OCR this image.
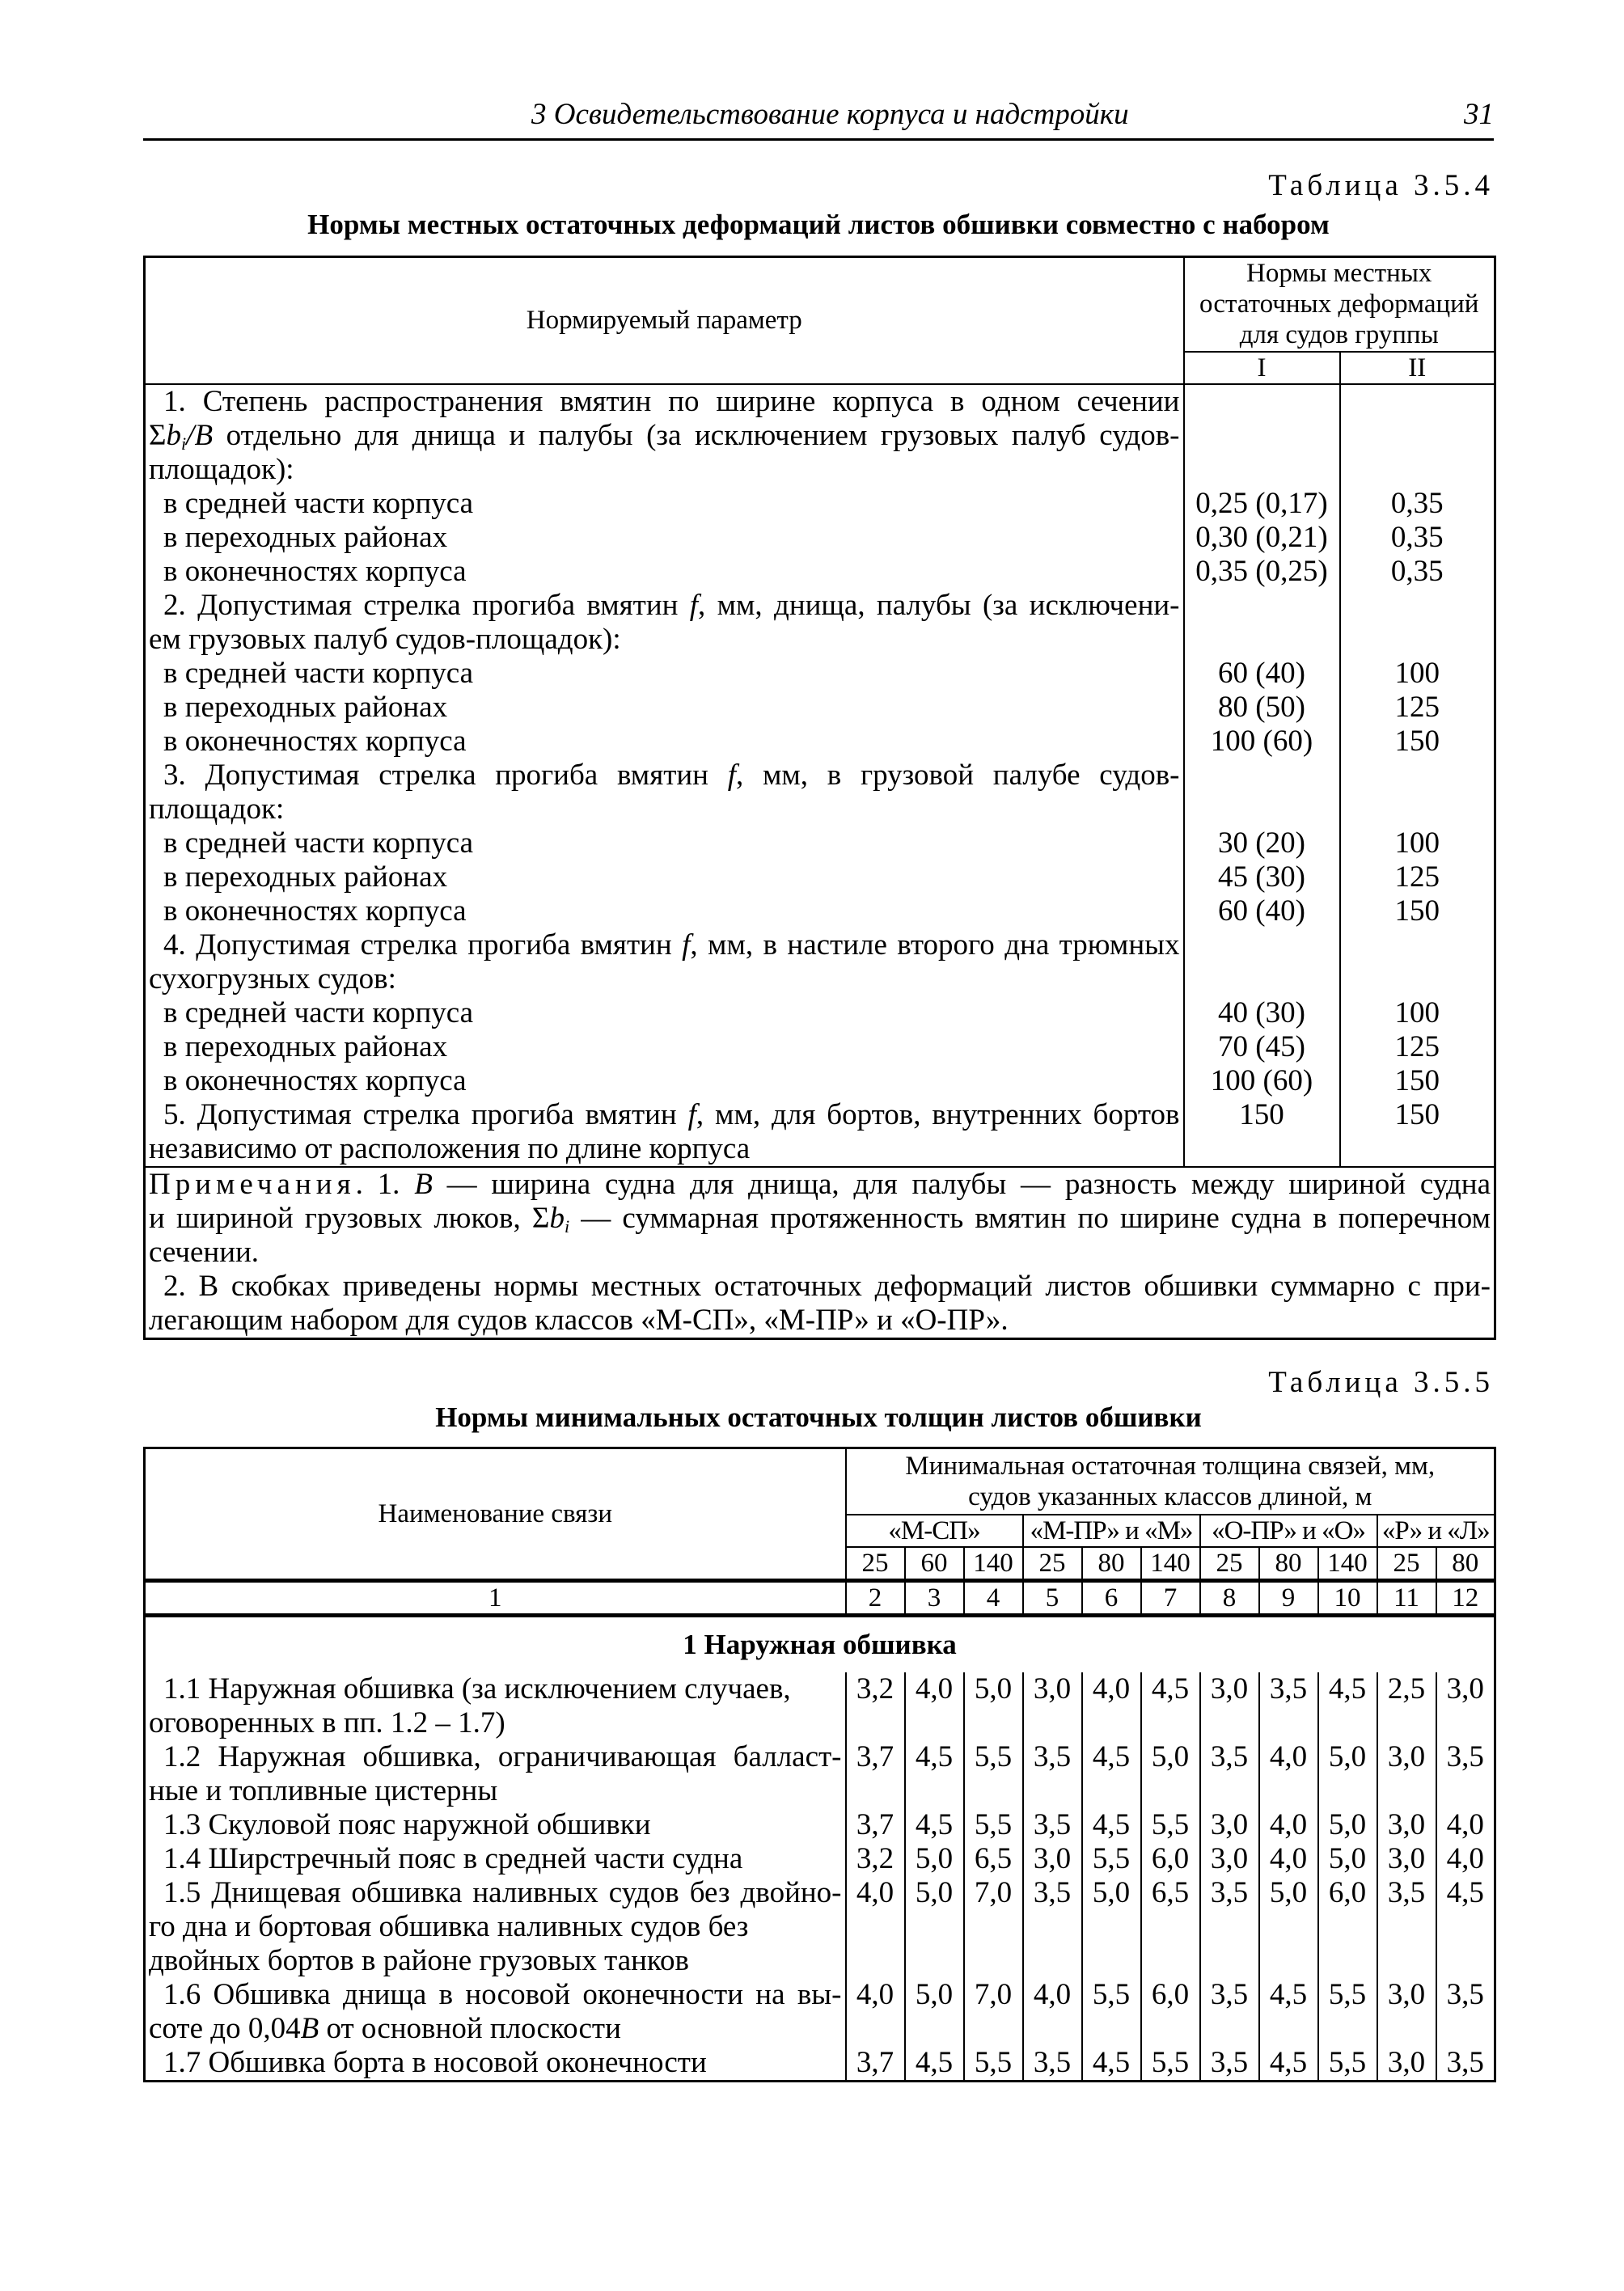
3 Освидетельствование корпуса и надстройки	31
Таблица 3.5.4
Нормы местных остаточных деформаций листов обшивки совместно с набором
Нормируемый параметр	Нормы местных
остаточных деформаций
для судов группы	
	I	II

1. Степень распространения вмятин по ширине корпуса в одном сечении		

$\Sigma b_i/B$ отдельно для днища и палубы (за исключением грузовых палуб судов-		

площадок):		

в средней части корпуса	0,25 (0,17)	0,35

в переходных районах	0,30 (0,21)	0,35

в оконечностях корпуса	0,35 (0,25)	0,35

2. Допустимая стрелка прогиба вмятин f, мм, днища, палубы (за исключени-		

ем грузовых палуб судов-площадок):		

в средней части корпуса	60 (40)	100

в переходных районах	80 (50)	125

в оконечностях корпуса	100 (60)	150

3. Допустимая стрелка прогиба вмятин f, мм, в грузовой палубе судов-		

площадок:		

в средней части корпуса	30 (20)	100

в переходных районах	45 (30)	125

в оконечностях корпуса	60 (40)	150

4. Допустимая стрелка прогиба вмятин f, мм, в настиле второго дна трюмных		

сухогрузных судов:		

в средней части корпуса	40 (30)	100

в переходных районах	70 (45)	125

в оконечностях корпуса	100 (60)	150

5. Допустимая стрелка прогиба вмятин f, мм, для бортов, внутренних бортов	150	150

независимо от расположения по длине корпуса		

Примечания. 1. B — ширина судна для днища, для палубы — разность между шириной судна
и шириной грузовых люков, $\Sigma b_i$ — суммарная протяженность вмятин по ширине судна в поперечном
сечении.
2. В скобках приведены нормы местных остаточных деформаций листов обшивки суммарно с при-
легающим набором для судов классов «М-СП», «М-ПР» и «О-ПР».		
Таблица 3.5.5
Нормы минимальных остаточных толщин листов обшивки
Наименование связи	Минимальная остаточная толщина связей, мм,
судов указанных классов длиной, м										
	«М-СП»			«М-ПР» и «М»			«О-ПР» и «О»			«Р» и «Л»	
	25	60	140	25	80	140	25	80	140	25	80
1	2	3	4	5	6	7	8	9	10	11	12
1 Наружная обшивка											

1.1 Наружная обшивка (за исключением случаев,
оговоренных в пп. 1.2 – 1.7)	3,2	4,0	5,0	3,0	4,0	4,5	3,0	3,5	4,5	2,5	3,0

1.2 Наружная обшивка, ограничивающая балласт-
ные и топливные цистерны	3,7	4,5	5,5	3,5	4,5	5,0	3,5	4,0	5,0	3,0	3,5

1.3 Скуловой пояс наружной обшивки	3,7	4,5	5,5	3,5	4,5	5,5	3,0	4,0	5,0	3,0	4,0

1.4 Ширстречный пояс в средней части судна	3,2	5,0	6,5	3,0	5,5	6,0	3,0	4,0	5,0	3,0	4,0

1.5 Днищевая обшивка наливных судов без двойно-
го дна и бортовая обшивка наливных судов без
двойных бортов в районе грузовых танков	4,0	5,0	7,0	3,5	5,0	6,5	3,5	5,0	6,0	3,5	4,5

1.6 Обшивка днища в носовой оконечности на вы-
соте до 0,04B от основной плоскости	4,0	5,0	7,0	4,0	5,5	6,0	3,5	4,5	5,5	3,0	3,5

1.7 Обшивка борта в носовой оконечности	3,7	4,5	5,5	3,5	4,5	5,5	3,5	4,5	5,5	3,0	3,5
